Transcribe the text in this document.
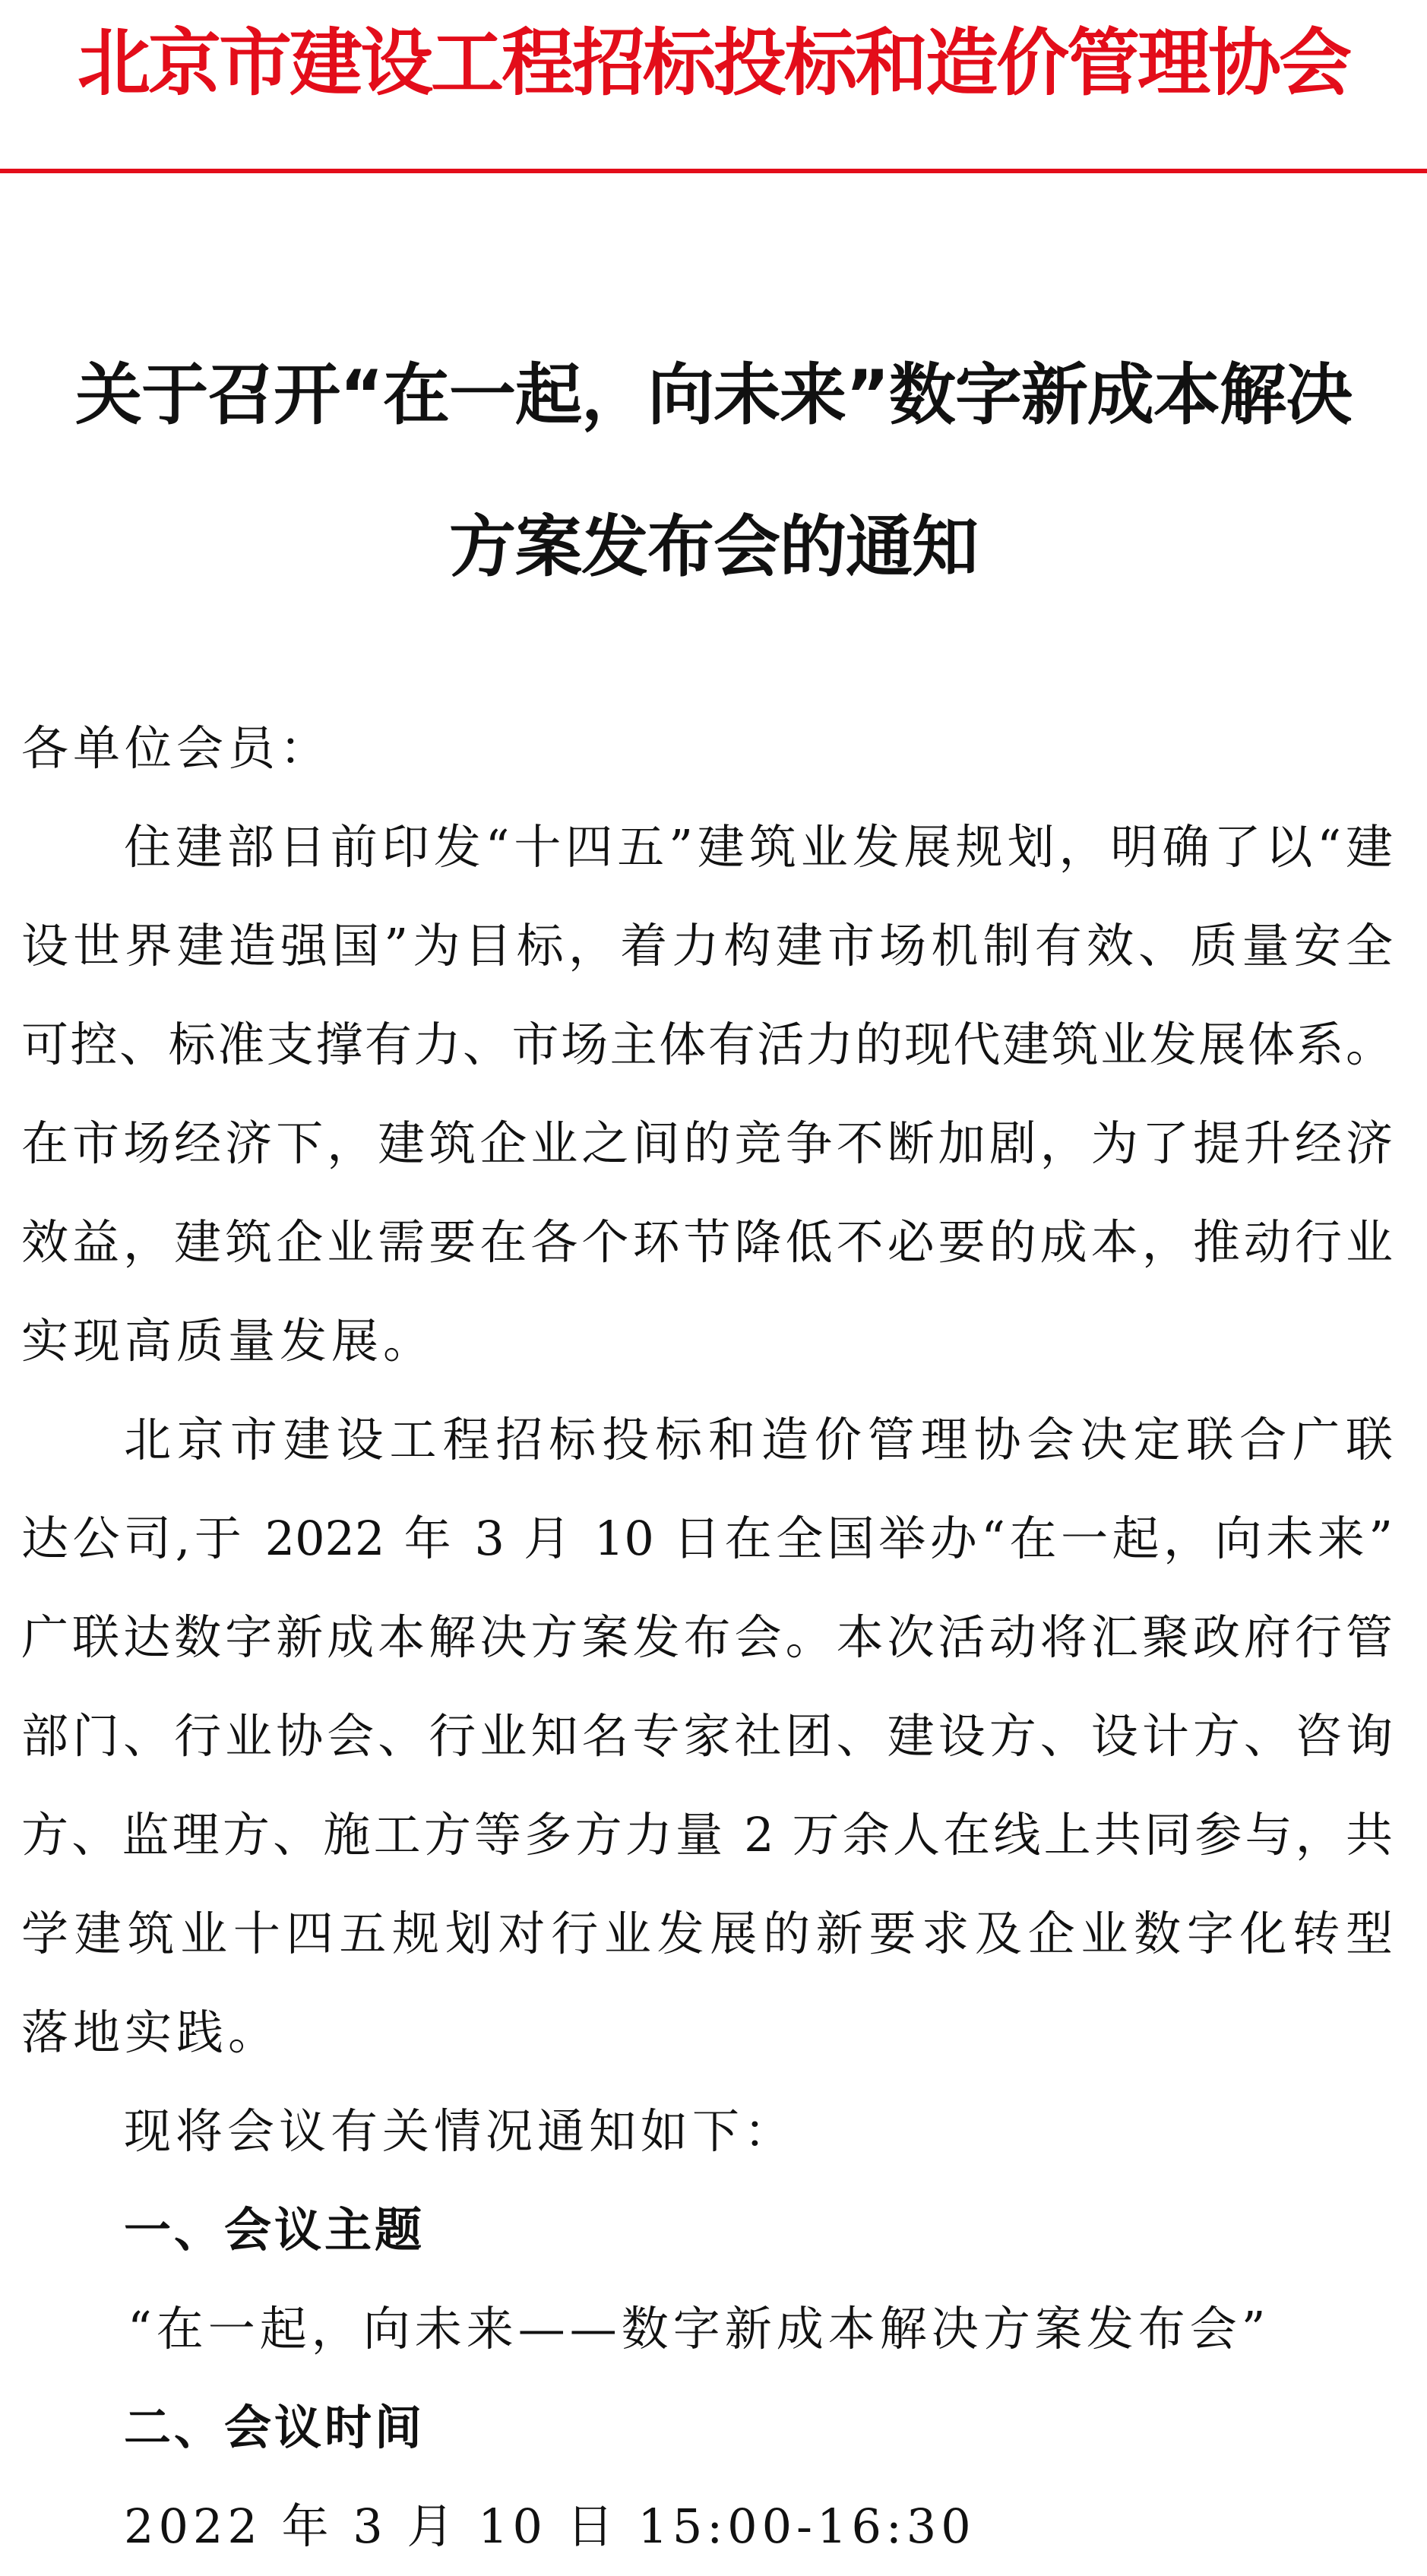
北京市建设工程招标投标和造价管理协会
关于召开“在一起，向未来”数字新成本解决
方案发布会的通知
各单位会员：
住建部日前印发“十四五”建筑业发展规划，明确了以“建
设世界建造强国”为目标，着力构建市场机制有效、质量安全
可控、标准支撑有力、市场主体有活力的现代建筑业发展体系。
在市场经济下，建筑企业之间的竞争不断加剧，为了提升经济
效益，建筑企业需要在各个环节降低不必要的成本，推动行业
实现高质量发展。
北京市建设工程招标投标和造价管理协会决定联合广联
达公司,于 2022 年 3 月 10 日在全国举办“在一起，向未来”
广联达数字新成本解决方案发布会。本次活动将汇聚政府行管
部门、行业协会、行业知名专家社团、建设方、设计方、咨询
方、监理方、施工方等多方力量 2 万余人在线上共同参与，共
学建筑业十四五规划对行业发展的新要求及企业数字化转型
落地实践。
现将会议有关情况通知如下：
一、会议主题
“在一起，向未来——数字新成本解决方案发布会”
二、会议时间
2022 年 3 月 10 日 15:00-16:30
